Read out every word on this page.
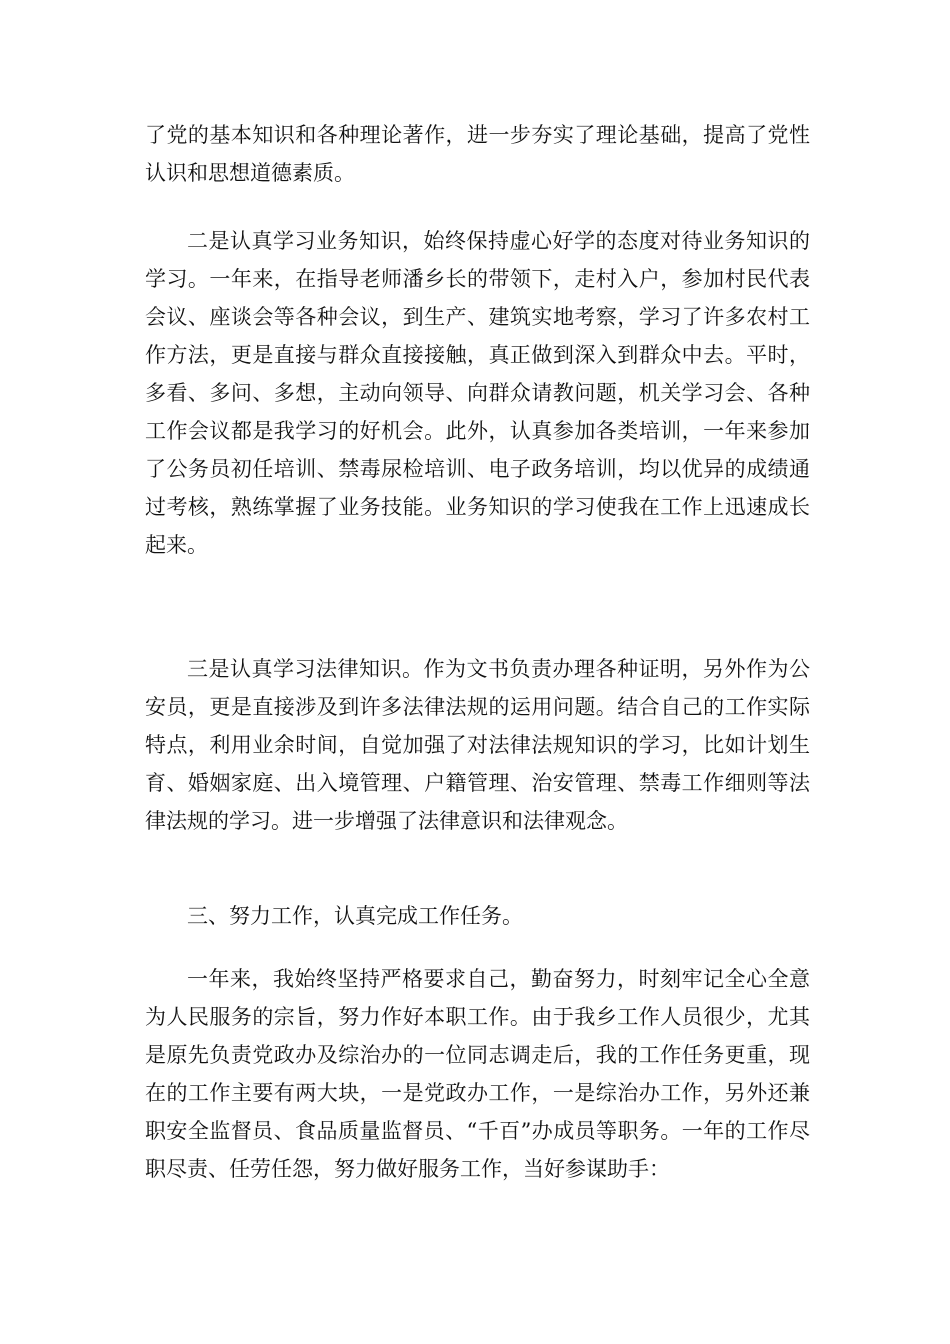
了党的基本知识和各种理论著作，进一步夯实了理论基础，提高了党性认识和思想道德素质。

二是认真学习业务知识，始终保持虚心好学的态度对待业务知识的学习。一年来，在指导老师潘乡长的带领下，走村入户，参加村民代表会议、座谈会等各种会议，到生产、建筑实地考察，学习了许多农村工作方法，更是直接与群众直接接触，真正做到深入到群众中去。平时，多看、多问、多想，主动向领导、向群众请教问题，机关学习会、各种工作会议都是我学习的好机会。此外，认真参加各类培训，一年来参加了公务员初任培训、禁毒尿检培训、电子政务培训，均以优异的成绩通过考核，熟练掌握了业务技能。业务知识的学习使我在工作上迅速成长起来。

三是认真学习法律知识。作为文书负责办理各种证明，另外作为公安员，更是直接涉及到许多法律法规的运用问题。结合自己的工作实际特点，利用业余时间，自觉加强了对法律法规知识的学习，比如计划生育、婚姻家庭、出入境管理、户籍管理、治安管理、禁毒工作细则等法律法规的学习。进一步增强了法律意识和法律观念。

三、努力工作，认真完成工作任务。

一年来，我始终坚持严格要求自己，勤奋努力，时刻牢记全心全意为人民服务的宗旨，努力作好本职工作。由于我乡工作人员很少，尤其是原先负责党政办及综治办的一位同志调走后，我的工作任务更重，现在的工作主要有两大块，一是党政办工作，一是综治办工作，另外还兼职安全监督员、食品质量监督员、“千百”办成员等职务。一年的工作尽职尽责、任劳任怨，努力做好服务工作，当好参谋助手：
